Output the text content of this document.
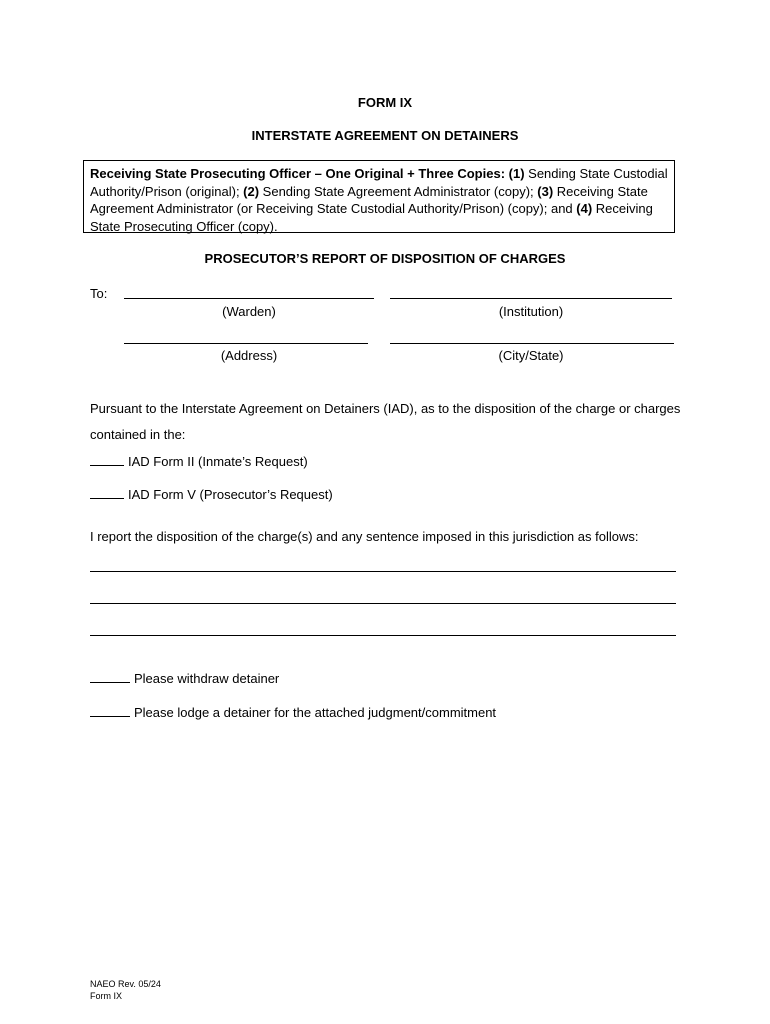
FORM IX
INTERSTATE AGREEMENT ON DETAINERS
Receiving State Prosecuting Officer – One Original + Three Copies: (1) Sending State Custodial Authority/Prison (original); (2) Sending State Agreement Administrator (copy); (3) Receiving State Agreement Administrator (or Receiving State Custodial Authority/Prison) (copy); and (4) Receiving State Prosecuting Officer (copy).
PROSECUTOR’S REPORT OF DISPOSITION OF CHARGES
To:
(Warden)	(Institution)
(Address)	(City/State)
Pursuant to the Interstate Agreement on Detainers (IAD), as to the disposition of the charge or charges
contained in the:
IAD Form II (Inmate’s Request)
IAD Form V (Prosecutor’s Request)
I report the disposition of the charge(s) and any sentence imposed in this jurisdiction as follows:
Please withdraw detainer
Please lodge a detainer for the attached judgment/commitment
NAEO Rev. 05/24
Form IX
